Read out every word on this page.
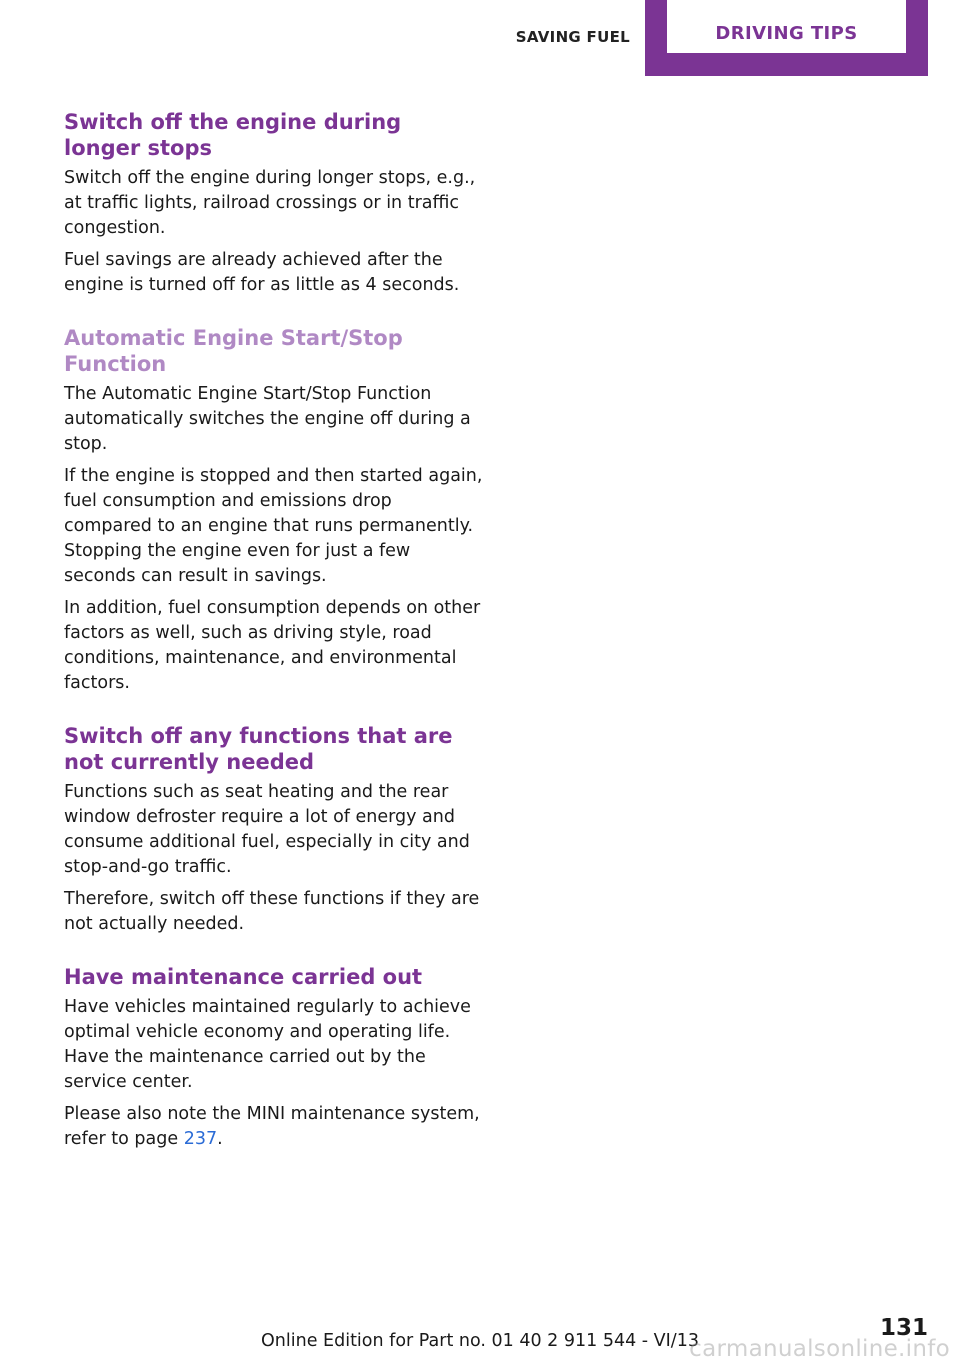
SAVING FUEL	DRIVING TIPS
Switch off the engine during longer stops

Switch off the engine during longer stops, e.g., at traffic lights, railroad crossings or in traffic congestion.

Fuel savings are already achieved after the engine is turned off for as little as 4 seconds.

Automatic Engine Start/Stop Function

The Automatic Engine Start/Stop Function automatically switches the engine off during a stop.

If the engine is stopped and then started again, fuel consumption and emissions drop compared to an engine that runs permanently. Stopping the engine even for just a few seconds can result in savings.

In addition, fuel consumption depends on other factors as well, such as driving style, road conditions, maintenance, and environmental factors.

Switch off any functions that are not currently needed

Functions such as seat heating and the rear window defroster require a lot of energy and consume additional fuel, especially in city and stop-and-go traffic.

Therefore, switch off these functions if they are not actually needed.

Have maintenance carried out

Have vehicles maintained regularly to achieve optimal vehicle economy and operating life. Have the maintenance carried out by the service center.

Please also note the MINI maintenance system, refer to page 237.

131
Online Edition for Part no. 01 40 2 911 544 - VI/13
carmanualsonline.info
